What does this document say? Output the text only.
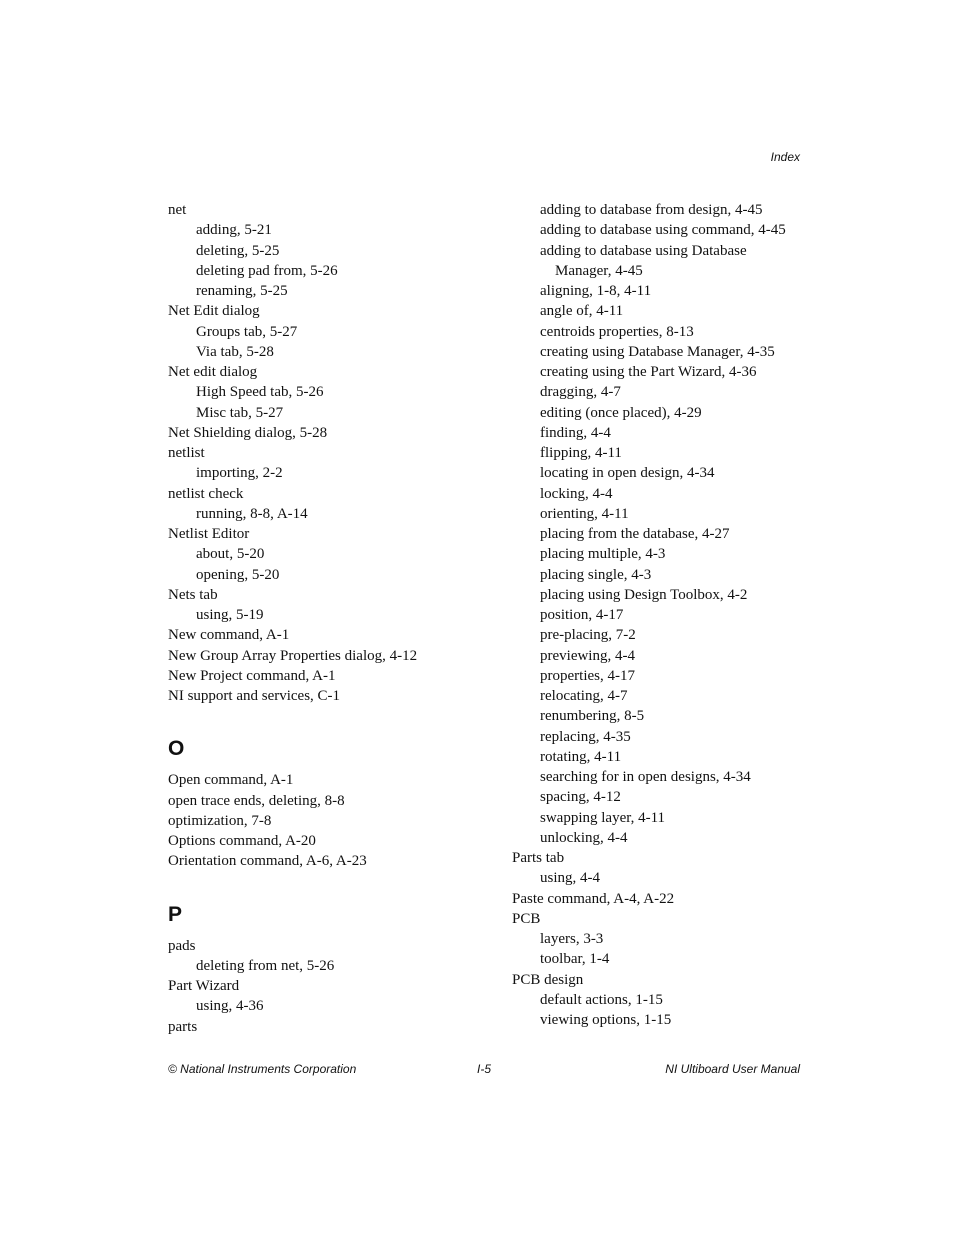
Index
net
adding, 5-21
deleting, 5-25
deleting pad from, 5-26
renaming, 5-25
Net Edit dialog
Groups tab, 5-27
Via tab, 5-28
Net edit dialog
High Speed tab, 5-26
Misc tab, 5-27
Net Shielding dialog, 5-28
netlist
importing, 2-2
netlist check
running, 8-8, A-14
Netlist Editor
about, 5-20
opening, 5-20
Nets tab
using, 5-19
New command, A-1
New Group Array Properties dialog, 4-12
New Project command, A-1
NI support and services, C-1
O
Open command, A-1
open trace ends, deleting, 8-8
optimization, 7-8
Options command, A-20
Orientation command, A-6, A-23
P
pads
deleting from net, 5-26
Part Wizard
using, 4-36
parts
adding to database from design, 4-45
adding to database using command, 4-45
adding to database using Database
Manager, 4-45
aligning, 1-8, 4-11
angle of, 4-11
centroids properties, 8-13
creating using Database Manager, 4-35
creating using the Part Wizard, 4-36
dragging, 4-7
editing (once placed), 4-29
finding, 4-4
flipping, 4-11
locating in open design, 4-34
locking, 4-4
orienting, 4-11
placing from the database, 4-27
placing multiple, 4-3
placing single, 4-3
placing using Design Toolbox, 4-2
position, 4-17
pre-placing, 7-2
previewing, 4-4
properties, 4-17
relocating, 4-7
renumbering, 8-5
replacing, 4-35
rotating, 4-11
searching for in open designs, 4-34
spacing, 4-12
swapping layer, 4-11
unlocking, 4-4
Parts tab
using, 4-4
Paste command, A-4, A-22
PCB
layers, 3-3
toolbar, 1-4
PCB design
default actions, 1-15
viewing options, 1-15
© National Instruments Corporation	I-5	NI Ultiboard User Manual
